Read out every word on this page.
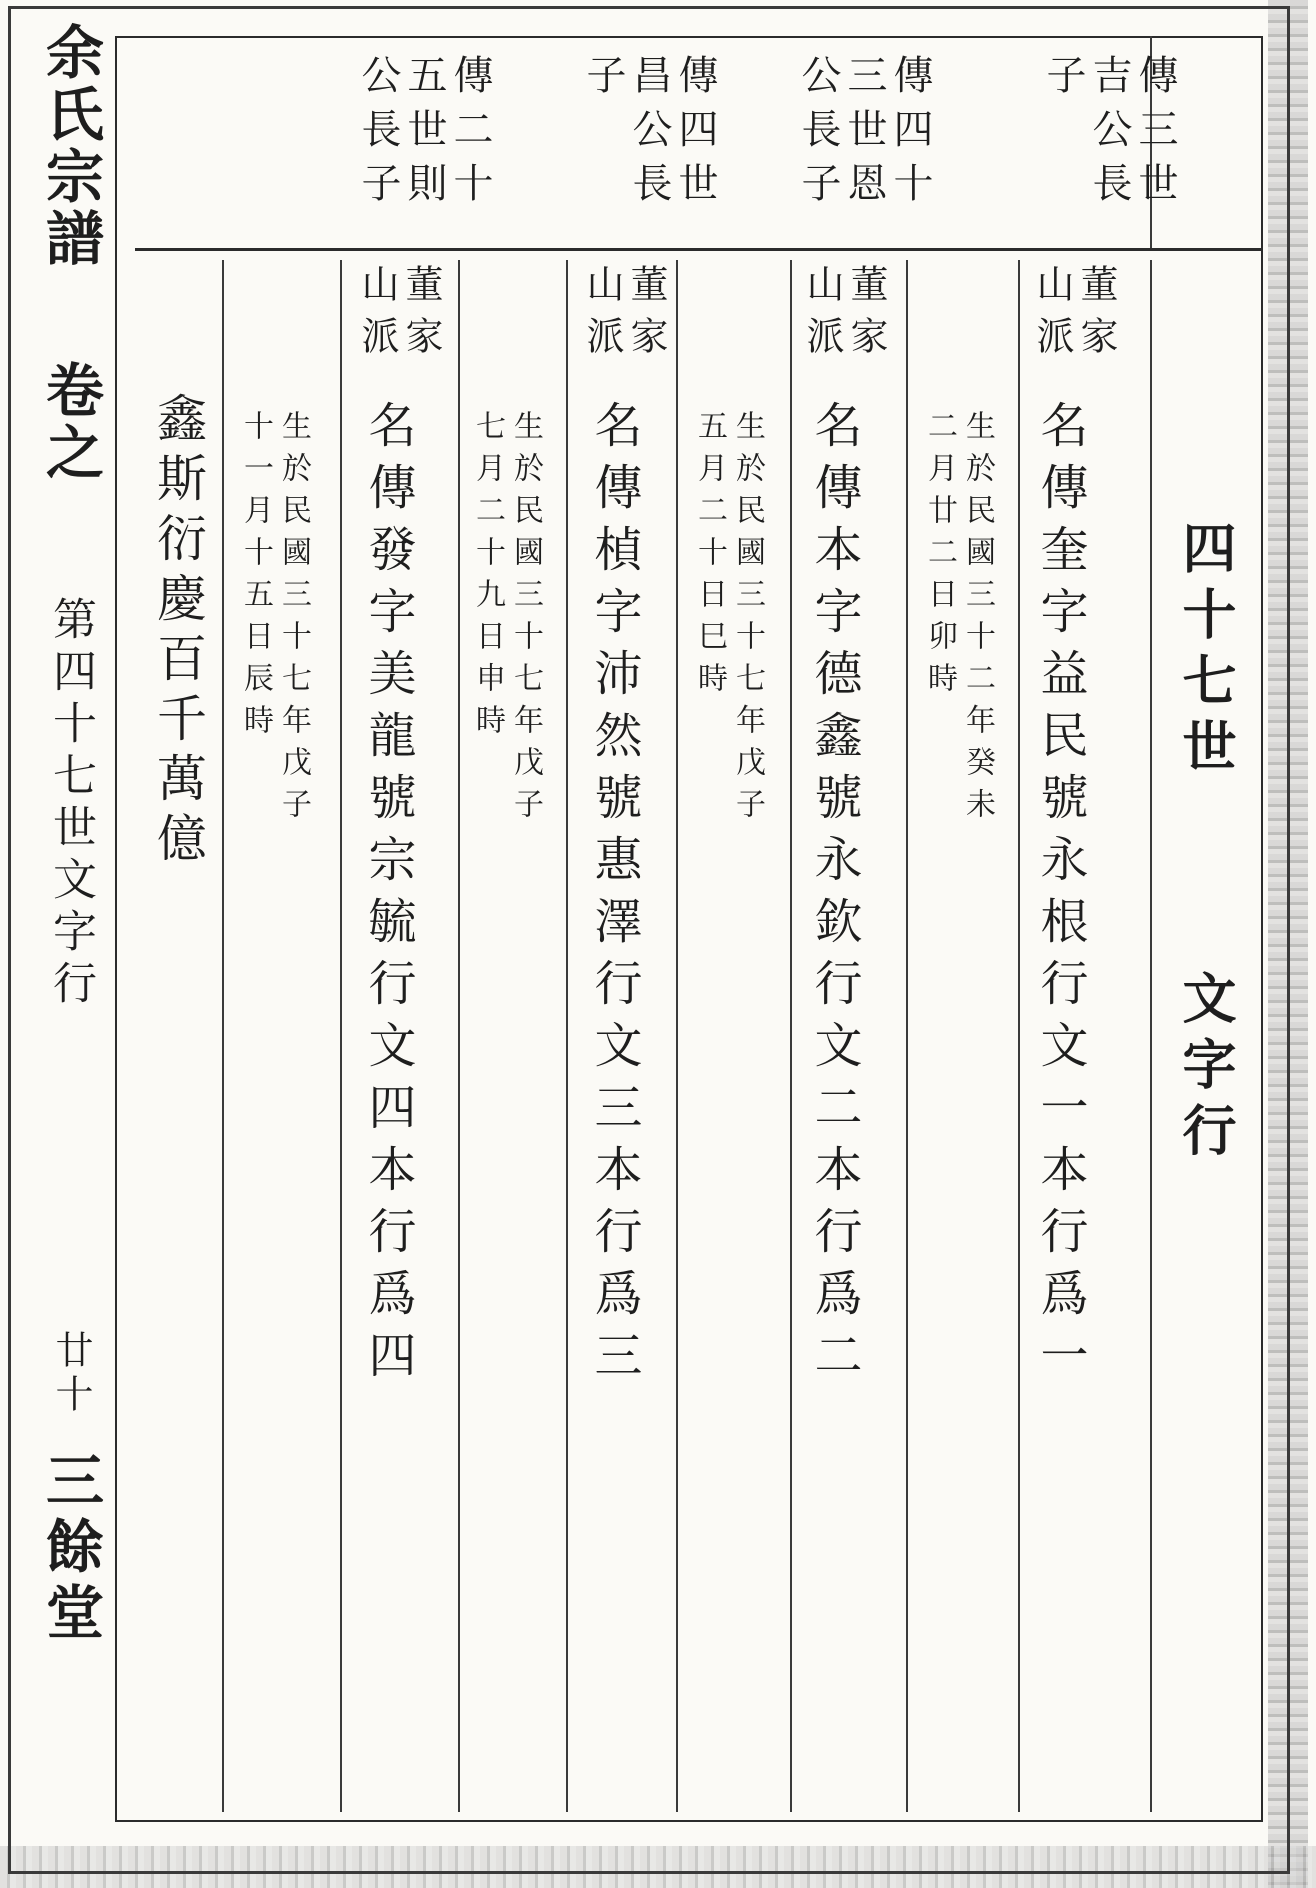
余氏宗譜
卷之
第四十七世文字行
廿十
三餘堂
傳三世
吉公長
子
傳四十
三世恩
公長子
傳四世
昌公長
子
傳二十
五世則
公長子
四十七世
文字行
董家
山派
名傳奎字益民號永根行文一本行爲一
生於民國三十二年癸未
二月廿二日卯時
董家
山派
名傳本字德鑫號永欽行文二本行爲二
生於民國三十七年戊子
五月二十日巳時
董家
山派
名傳楨字沛然號惠澤行文三本行爲三
生於民國三十七年戊子
七月二十九日申時
董家
山派
名傳發字美龍號宗毓行文四本行爲四
生於民國三十七年戊子
十一月十五日辰時
鑫斯衍慶百千萬億
